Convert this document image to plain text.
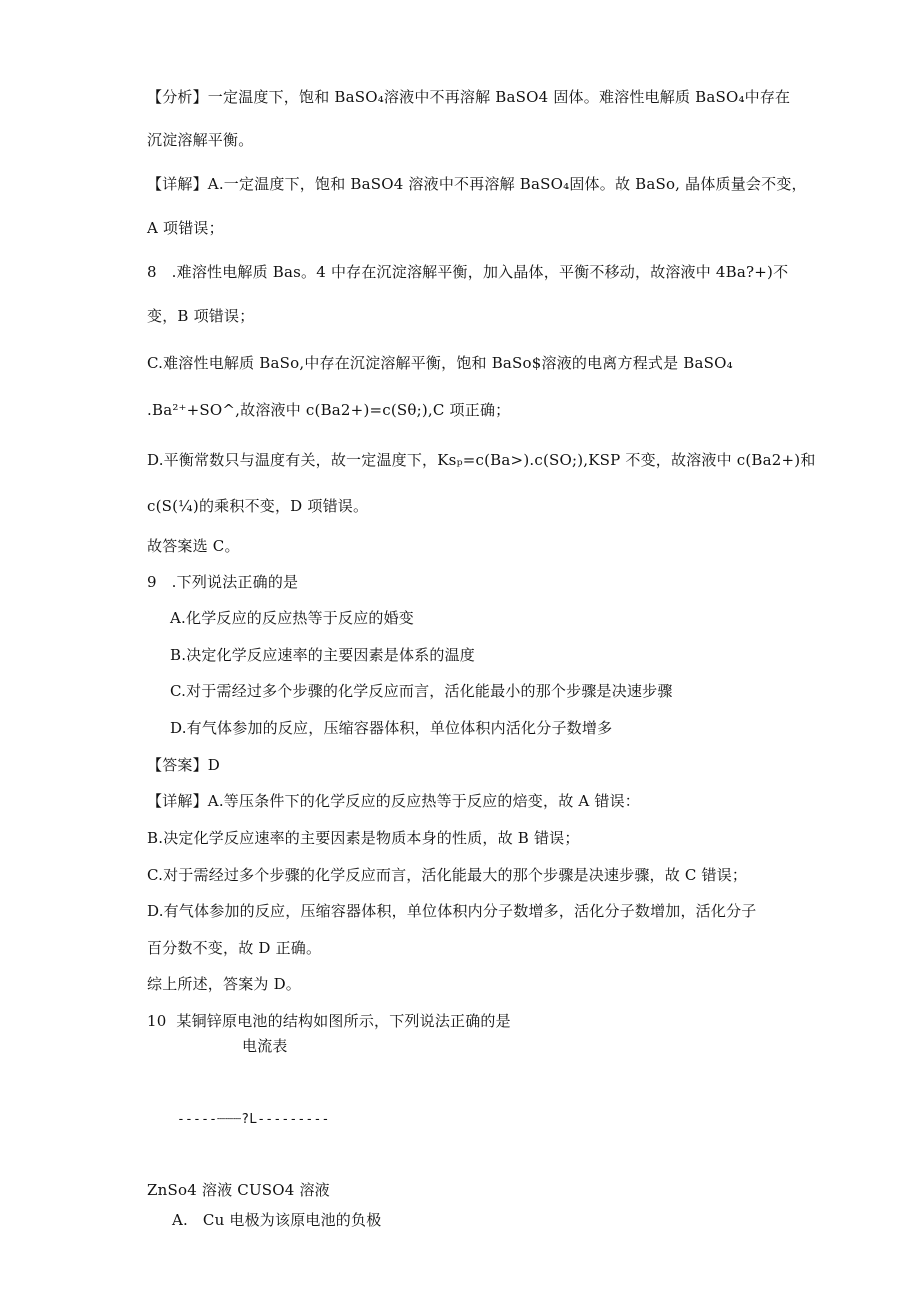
【分析】一定温度下，饱和 BaSO₄溶液中不再溶解 BaSO4 固体。难溶性电解质 BaSO₄中存在
沉淀溶解平衡。
【详解】A.一定温度下，饱和 BaSO4 溶液中不再溶解 BaSO₄固体。故 BaSo, 晶体质量会不变，
A 项错误；
8   .难溶性电解质 Bas。4 中存在沉淀溶解平衡，加入晶体，平衡不移动，故溶液中 4Ba?+)不
变，B 项错误；
C.难溶性电解质 BaSo,中存在沉淀溶解平衡，饱和 BaSo$溶液的电离方程式是 BaSO₄
.Ba²⁺+SO^,故溶液中 c(Ba2+)=c(Sθ;),C 项正确；
D.平衡常数只与温度有关，故一定温度下，Ksₚ=c(Ba>).c(SO;),KSP 不变，故溶液中 c(Ba2+)和
c(S(¼)的乘积不变，D 项错误。
故答案选 C。
9   .下列说法正确的是
A.化学反应的反应热等于反应的婚变
B.决定化学反应速率的主要因素是体系的温度
C.对于需经过多个步骤的化学反应而言，活化能最小的那个步骤是决速步骤
D.有气体参加的反应，压缩容器体积，单位体积内活化分子数增多
【答案】D
【详解】A.等压条件下的化学反应的反应热等于反应的焙变，故 A 错误：
B.决定化学反应速率的主要因素是物质本身的性质，故 B 错误；
C.对于需经过多个步骤的化学反应而言，活化能最大的那个步骤是决速步骤，故 C 错误；
D.有气体参加的反应，压缩容器体积，单位体积内分子数增多，活化分子数增加，活化分子
百分数不变，故 D 正确。
综上所述，答案为 D。
10  某铜锌原电池的结构如图所示，下列说法正确的是
电流表
-----┈┈┈?L---------
ZnSo4 溶液 CUSO4 溶液
A.   Cu 电极为该原电池的负极
